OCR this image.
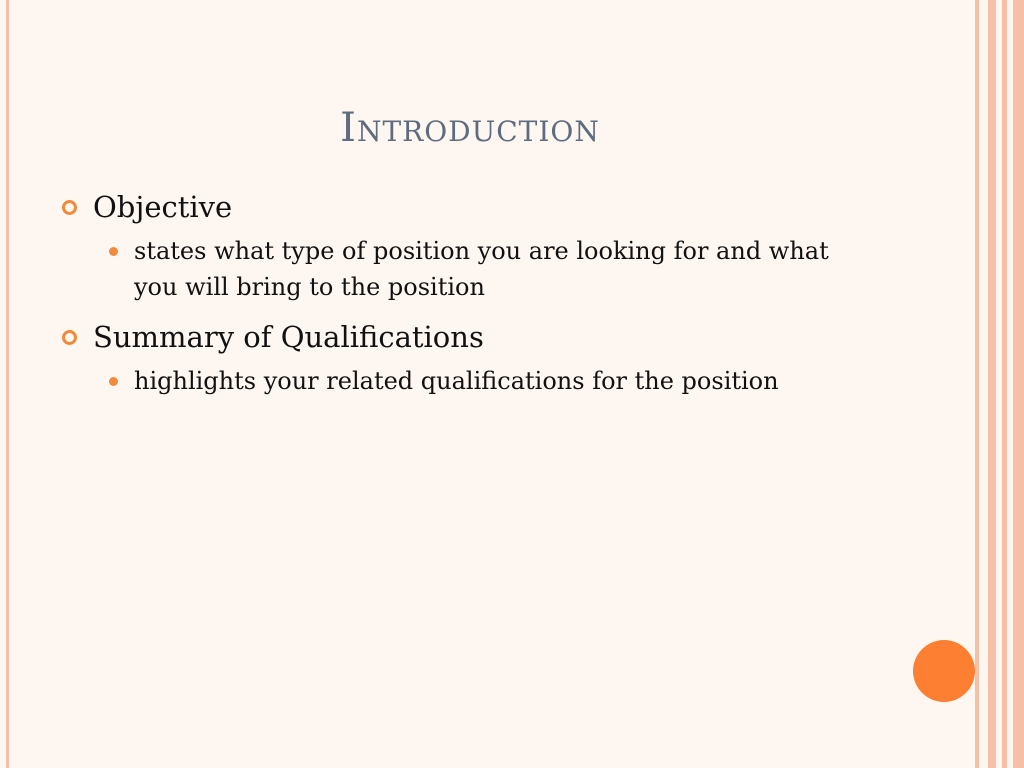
Introduction
Objective
states what type of position you are looking for and what you will bring to the position
Summary of Qualifications
highlights your related qualifications for the position
